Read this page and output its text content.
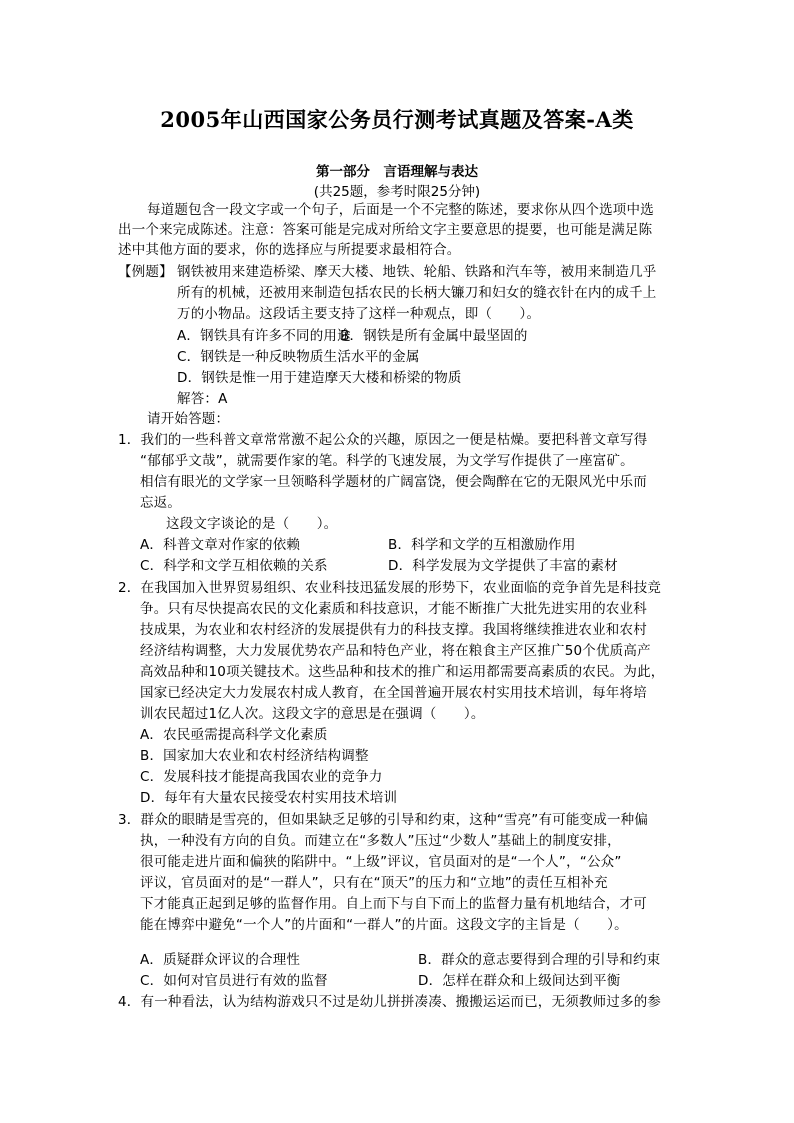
2005年山西国家公务员行测考试真题及答案-A类
第一部分　言语理解与表达
(共25题，参考时限25分钟)
每道题包含一段文字或一个句子，后面是一个不完整的陈述，要求你从四个选项中选
出一个来完成陈述。注意：答案可能是完成对所给文字主要意思的提要，也可能是满足陈
述中其他方面的要求，你的选择应与所提要求最相符合。
【例题】 钢铁被用来建造桥梁、摩天大楼、地铁、轮船、铁路和汽车等，被用来制造几乎
所有的机械，还被用来制造包括农民的长柄大镰刀和妇女的缝衣针在内的成千上
万的小物品。这段话主要支持了这样一种观点，即（　　）。
A．钢铁具有许多不同的用途
B．钢铁是所有金属中最坚固的
C．钢铁是一种反映物质生活水平的金属
D．钢铁是惟一用于建造摩天大楼和桥梁的物质
解答：A
请开始答题：
1．我们的一些科普文章常常激不起公众的兴趣，原因之一便是枯燥。要把科普文章写得
“郁郁乎文哉”，就需要作家的笔。科学的飞速发展，为文学写作提供了一座富矿。
相信有眼光的文学家一旦领略科学题材的广阔富饶，便会陶醉在它的无限风光中乐而
忘返。
这段文字谈论的是（　　）。
A．科普文章对作家的依赖	B．科学和文学的互相激励作用
C．科学和文学互相依赖的关系	D．科学发展为文学提供了丰富的素材
2．在我国加入世界贸易组织、农业科技迅猛发展的形势下，农业面临的竞争首先是科技竞
争。只有尽快提高农民的文化素质和科技意识，才能不断推广大批先进实用的农业科
技成果，为农业和农村经济的发展提供有力的科技支撑。我国将继续推进农业和农村
经济结构调整，大力发展优势农产品和特色产业，将在粮食主产区推广50个优质高产
高效品种和10项关键技术。这些品种和技术的推广和运用都需要高素质的农民。为此，
国家已经决定大力发展农村成人教育，在全国普遍开展农村实用技术培训，每年将培
训农民超过1亿人次。这段文字的意思是在强调（　　）。
A．农民亟需提高科学文化素质
B．国家加大农业和农村经济结构调整
C．发展科技才能提高我国农业的竞争力
D．每年有大量农民接受农村实用技术培训
3．群众的眼睛是雪亮的，但如果缺乏足够的引导和约束，这种“雪亮”有可能变成一种偏
执，一种没有方向的自负。而建立在“多数人”压过“少数人”基础上的制度安排，
很可能走进片面和偏狭的陷阱中。“上级”评议，官员面对的是“一个人”，“公众”
评议，官员面对的是“一群人”，只有在“顶天”的压力和“立地”的责任互相补充
下才能真正起到足够的监督作用。自上而下与自下而上的监督力量有机地结合，才可
能在博弈中避免“一个人”的片面和“一群人”的片面。这段文字的主旨是（　　）。
A．质疑群众评议的合理性	B．群众的意志要得到合理的引导和约束
C．如何对官员进行有效的监督	D．怎样在群众和上级间达到平衡
4．有一种看法，认为结构游戏只不过是幼儿拼拼凑凑、搬搬运运而已，无须教师过多的参
